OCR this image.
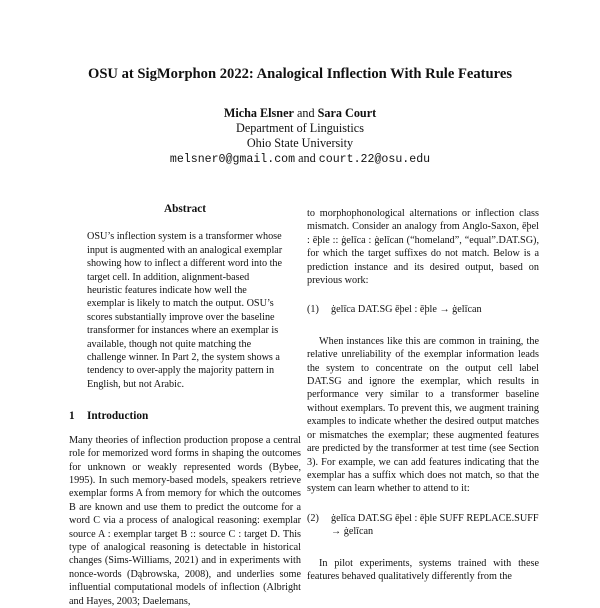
OSU at SigMorphon 2022: Analogical Inflection With Rule Features
Micha Elsner and Sara Court
Department of Linguistics
Ohio State University
melsner0@gmail.com and court.22@osu.edu
Abstract

OSU’s inflection system is a transformer whose input is augmented with an analogical exemplar showing how to inflect a different word into the target cell. In addition, alignment-based heuristic features indicate how well the exemplar is likely to match the output. OSU’s scores substantially improve over the baseline transformer for instances where an exemplar is available, though not quite matching the challenge winner. In Part 2, the system shows a tendency to over-apply the majority pattern in English, but not Arabic.

1 Introduction

Many theories of inflection production propose a central role for memorized word forms in shaping the outcomes for unknown or weakly represented words (Bybee, 1995). In such memory-based models, speakers retrieve exemplar forms A from memory for which the outcomes B are known and use them to predict the outcome for a word C via a process of analogical reasoning: exemplar source A : exemplar target B :: source C : target D. This type of analogical reasoning is detectable in historical changes (Sims-Williams, 2021) and in experiments with nonce-words (Dąbrowska, 2008), and underlies some influential computational models of inflection (Albright and Hayes, 2003; Daelemans,

to morphophonological alternations or inflection class mismatch. Consider an analogy from Anglo-Saxon, ēþel : ēþle :: ġelīca : ġelīcan (“homeland”, “equal”.DAT.SG), for which the target suffixes do not match. Below is a prediction instance and its desired output, based on previous work:

(1)	ġelīca DAT.SG ēþel : ēþle → ġelīcan

When instances like this are common in training, the relative unreliability of the exemplar information leads the system to concentrate on the output cell label DAT.SG and ignore the exemplar, which results in performance very similar to a transformer baseline without exemplars. To prevent this, we augment training examples to indicate whether the desired output matches or mismatches the exemplar; these augmented features are predicted by the transformer at test time (see Section 3). For example, we can add features indicating that the exemplar has a suffix which does not match, so that the system can learn whether to attend to it:

(2)	ġelīca DAT.SG ēþel : ēþle SUFF REPLACE.SUFF
→ ġelīcan

In pilot experiments, systems trained with these features behaved qualitatively differently from the
